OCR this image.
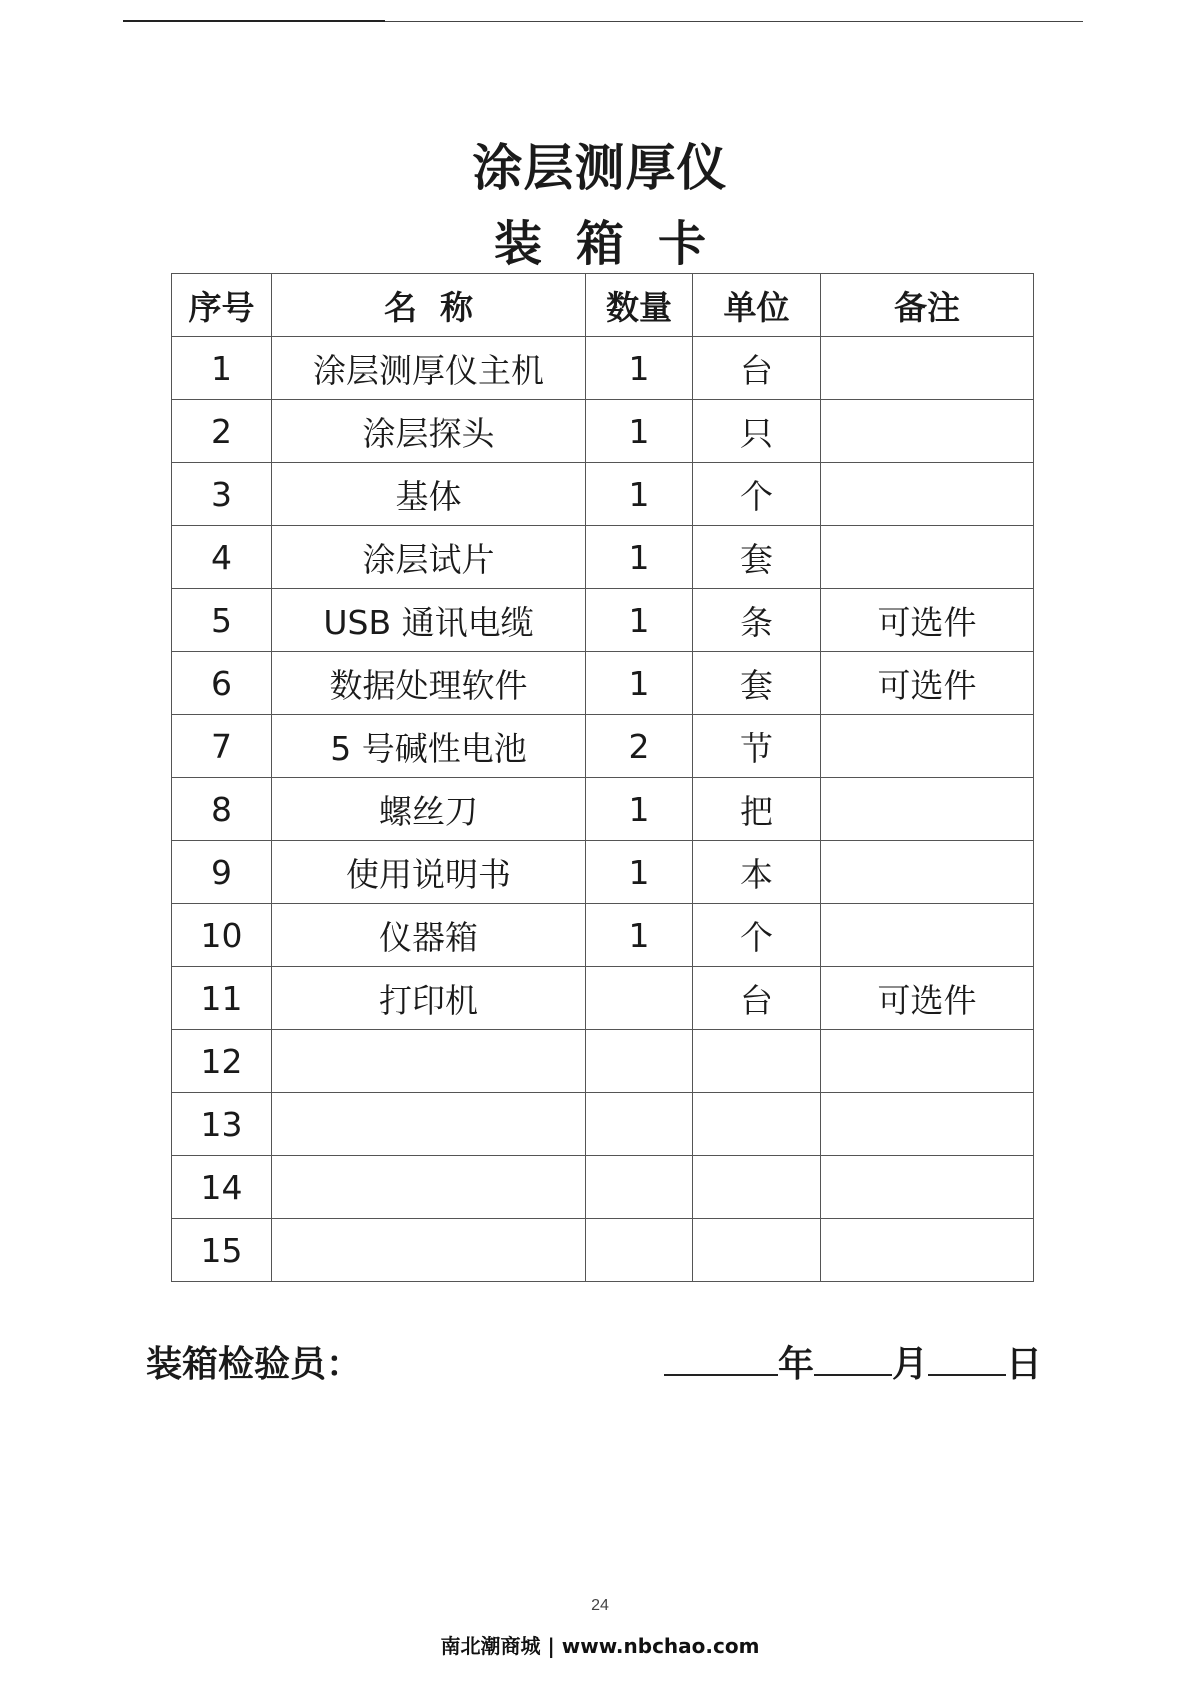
涂层测厚仪
装箱卡
序号	名  称	数量	单位	备注
1	涂层测厚仪主机	1	台	
2	涂层探头	1	只	
3	基体	1	个	
4	涂层试片	1	套	
5	USB 通讯电缆	1	条	可选件
6	数据处理软件	1	套	可选件
7	5 号碱性电池	2	节	
8	螺丝刀	1	把	
9	使用说明书	1	本	
10	仪器箱	1	个	
11	打印机		台	可选件
12				
13				
14				
15				
装箱检验员：	年 月 日
24
南北潮商城 | www.nbchao.com
